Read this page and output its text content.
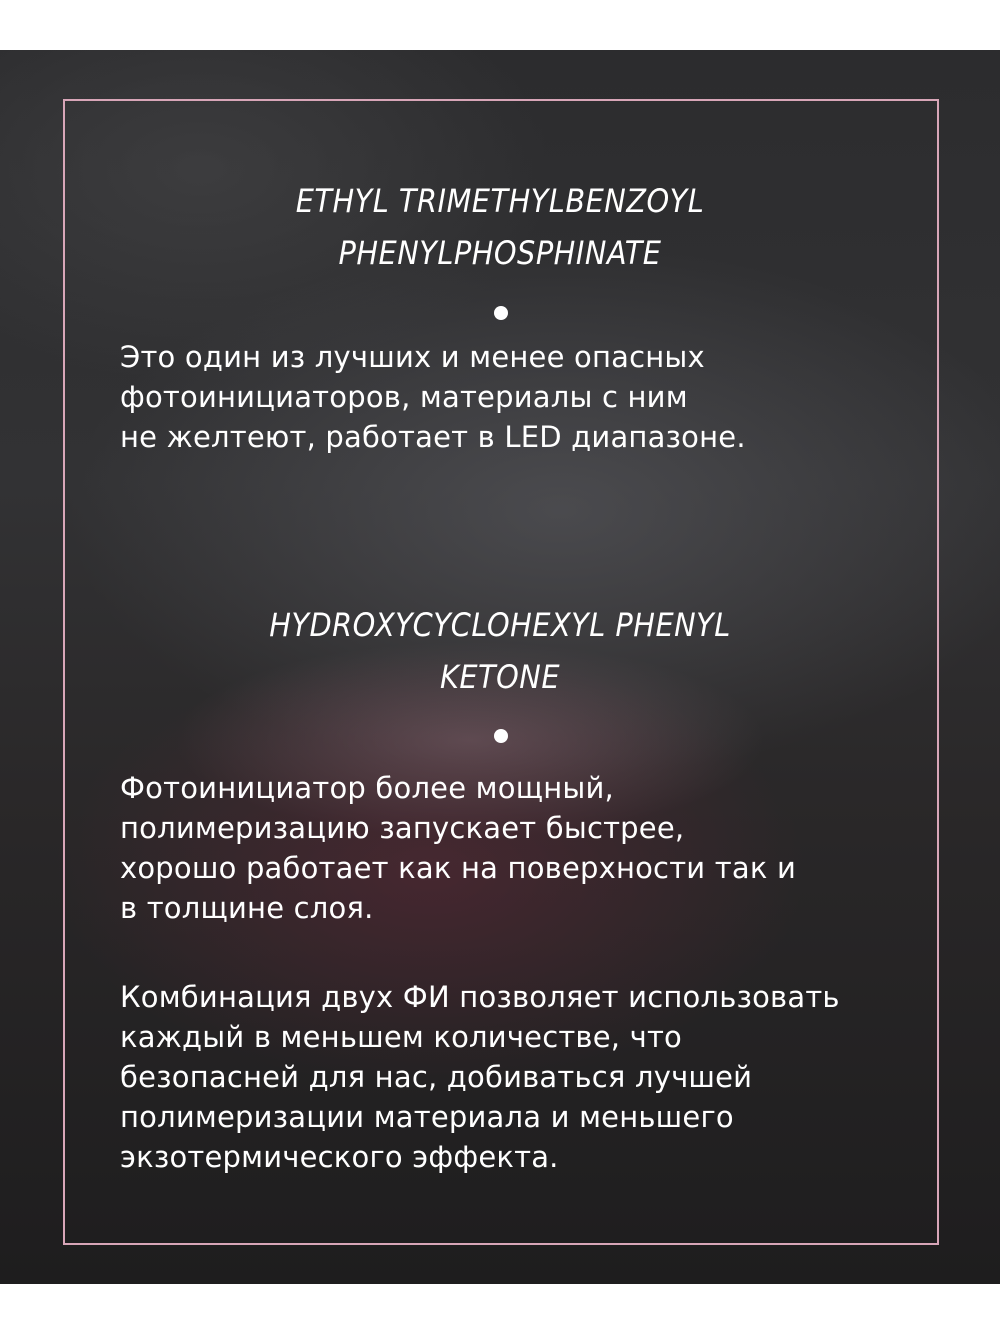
ETHYL TRIMETHYLBENZOYL
PHENYLPHOSPHINATE

Это один из лучших и менее опасных
фотоинициаторов, материалы с ним
не желтеют, работает в LED диапазоне.

HYDROXYCYCLOHEXYL PHENYL
KETONE

Фотоинициатор более мощный,
полимеризацию запускает быстрее,
хорошо работает как на поверхности так и
в толщине слоя.

Комбинация двух ФИ позволяет использовать
каждый в меньшем количестве, что
безопасней для нас, добиваться лучшей
полимеризации материала и меньшего
экзотермического эффекта.
